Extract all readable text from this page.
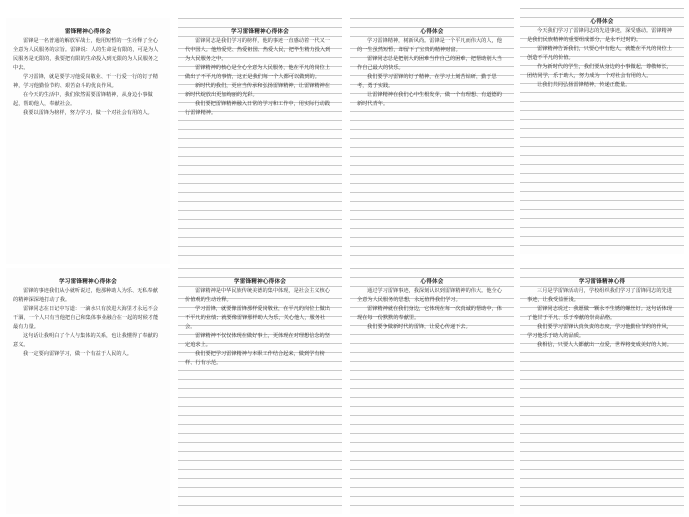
雷锋精神心得体会

雷锋是一名普通的解放军战士，他用短暂的一生诠释了全心全意为人民服务的宗旨。雷锋说：人的生命是有限的，可是为人民服务是无限的，我要把有限的生命投入到无限的为人民服务之中去。

学习雷锋，就是要学习他爱岗敬业、干一行爱一行的钉子精神，学习他勤俭节约、艰苦奋斗的优良作风。

在今天的生活中，我们依然需要雷锋精神，从身边小事做起，帮助他人，奉献社会。

我要以雷锋为榜样，努力学习，做一个对社会有用的人。

学习雷锋精神心得体会

雷锋同志是我们学习的榜样，他的事迹一直感动着一代又一代中国人。他热爱党、热爱祖国、热爱人民，把毕生精力投入到为人民服务之中。

雷锋精神的核心是全心全意为人民服务，他在平凡的岗位上做出了不平凡的事情，这正是我们每一个人都可以做到的。

新时代的我们，更应当传承和弘扬雷锋精神，让雷锋精神在新时代绽放出更加绚丽的光彩。

我们要把雷锋精神融入日常的学习和工作中，用实际行动践行雷锋精神。

心得体会

学习雷锋精神，树新风尚。雷锋是一个平凡而伟大的人，他的一生虽然短暂，却留下了宝贵的精神财富。

雷锋同志总是把别人的困难当作自己的困难，把帮助别人当作自己最大的快乐。

我们要学习雷锋的钉子精神，在学习上刻苦钻研，勤于思考，勇于实践。

让雷锋精神在我们心中生根发芽，做一个有理想、有道德的新时代青年。

心得体会

今天我们学习了雷锋同志的先进事迹，深受感动。雷锋精神是我们民族精神的重要组成部分，是永不过时的。

雷锋精神告诉我们，只要心中有他人，就能在平凡的岗位上创造不平凡的价值。

作为新时代的学生，我们要从身边的小事做起，尊敬师长，团结同学，乐于助人，努力成为一个对社会有用的人。

让我们共同弘扬雷锋精神，传递正能量。

学习雷锋精神心得体会

雷锋的事迹我们从小就听说过，他那种助人为乐、无私奉献的精神深深地打动了我。

雷锋同志在日记中写道：一滴水只有放进大海里才永远不会干涸，一个人只有当他把自己和集体事业融合在一起的时候才能最有力量。

这句话让我明白了个人与集体的关系，也让我懂得了奉献的意义。

我一定要向雷锋学习，做一个有益于人民的人。

学雷锋精神心得体会

雷锋精神是中华民族传统美德的集中体现，是社会主义核心价值观的生动诠释。

学习雷锋，就要像雷锋那样爱岗敬业，在平凡的岗位上做出不平凡的业绩；就要像雷锋那样助人为乐，关心他人，服务社会。

雷锋精神不仅仅体现在做好事上，更体现在对理想信念的坚定追求上。

我们要把学习雷锋精神与本职工作结合起来，做到学有榜样、行有示范。

心得体会

通过学习雷锋事迹，我深刻认识到雷锋精神的伟大。他全心全意为人民服务的思想，永远值得我们学习。

雷锋精神就在我们身边，它体现在每一次真诚的帮助中，体现在每一份默默的奉献里。

我们要争做新时代的雷锋，让爱心传递下去。

学习雷锋精神心得

三月是学雷锋活动月，学校组织我们学习了雷锋同志的先进事迹，让我受益匪浅。

雷锋同志说过：我愿做一颗永不生锈的螺丝钉。这句话体现了他甘于平凡、乐于奉献的崇高品格。

我们要学习雷锋认真负责的态度，学习他勤俭节约的作风，学习他乐于助人的品质。

我相信，只要人人都献出一点爱，世界将变成美好的人间。
